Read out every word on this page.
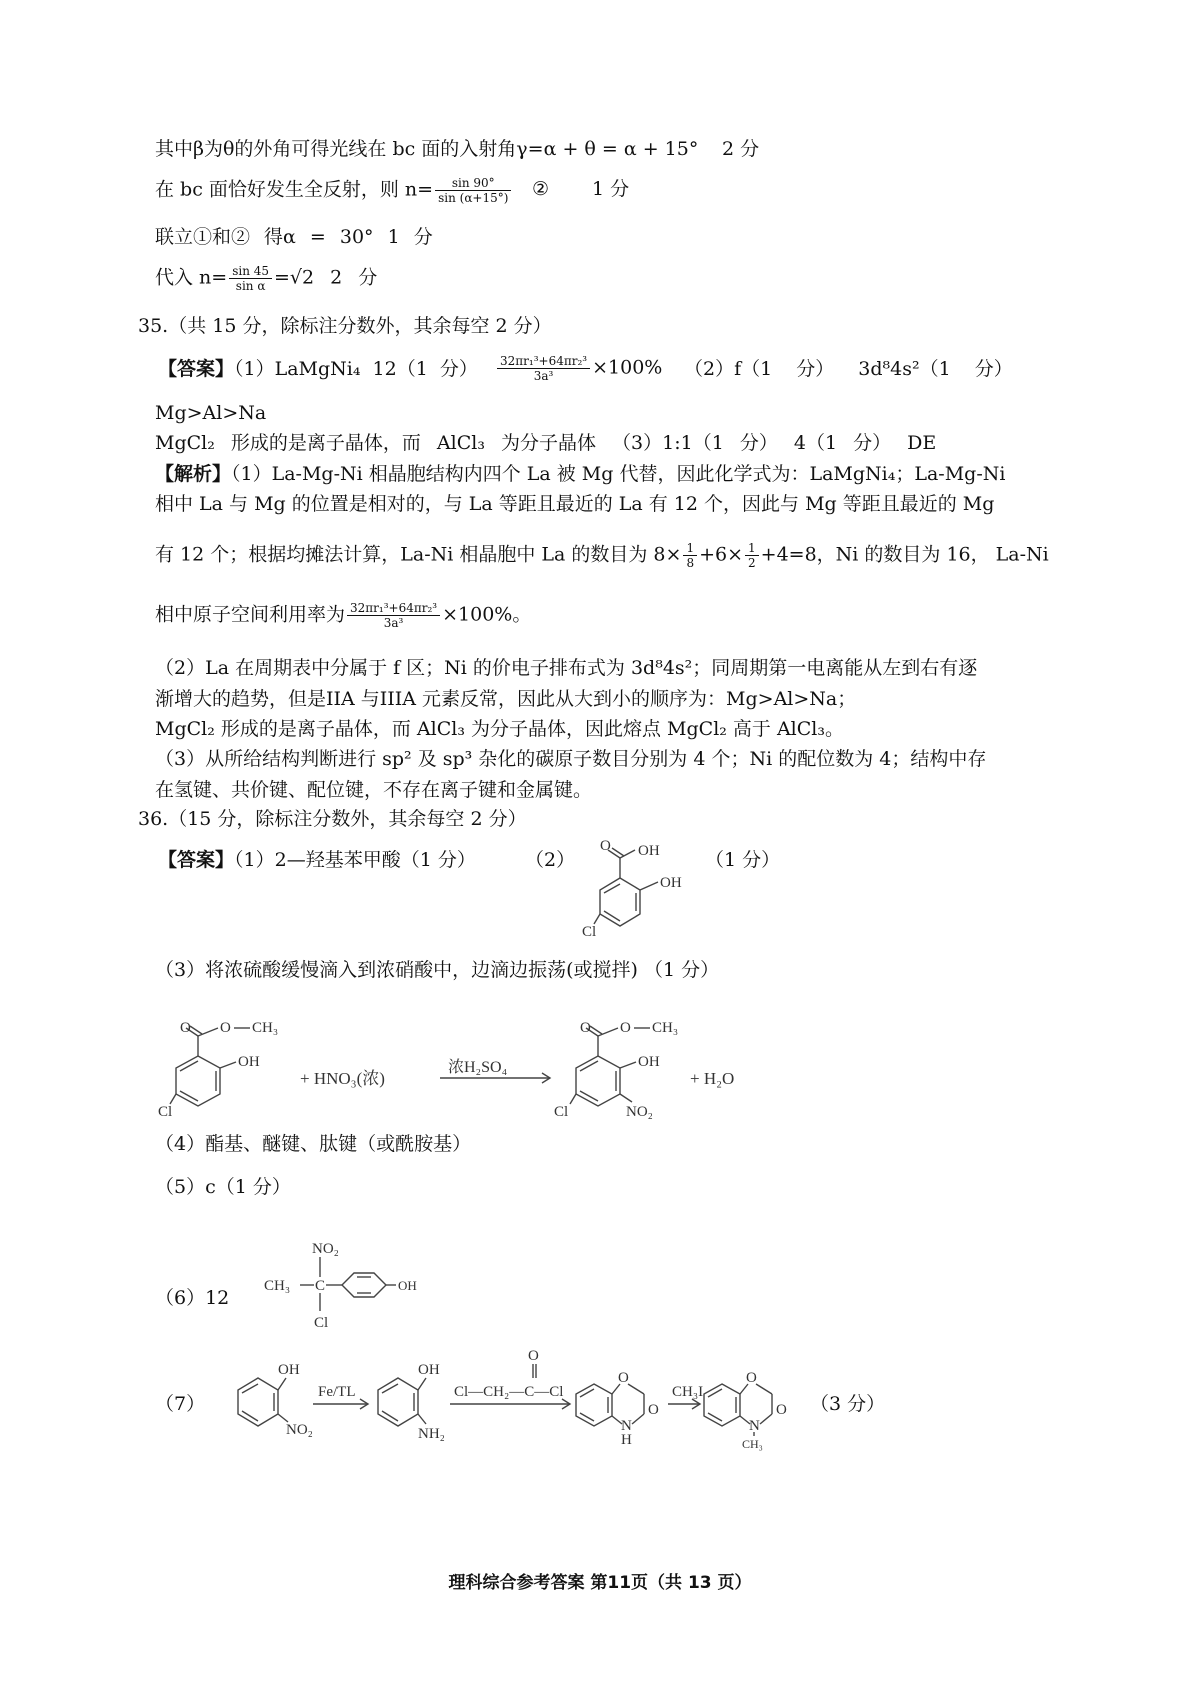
其中β为θ的外角可得光线在 bc 面的入射角γ=α + θ = α + 15° 2 分
在 bc 面恰好发生全反射，则 $n= \frac{\sin 90^\circ}{\sin (\alpha+15^\circ)}$ ② 1 分
联立①和② 得α = 30° 1 分
代入 $n= \frac{\sin 45}{\text{sin α}} =√2$ 2 分
35.（共 15 分，除标注分数外，其余每空 2 分）
【答案】（1）LaMgNi₄ 12（1 分） $\frac{\text{32πr₁³+64πr₂³}}{\text{3a³}} \times 100\%$ （2）f（1 分） 3d⁸4s²（1 分）
Mg>Al>Na
MgCl₂ 形成的是离子晶体，而 AlCl₃ 为分子晶体 （3）1:1（1 分） 4（1 分） DE
【解析】（1）La-Mg-Ni 相晶胞结构内四个 La 被 Mg 代替，因此化学式为：LaMgNi₄；La-Mg-Ni
相中 La 与 Mg 的位置是相对的，与 La 等距且最近的 La 有 12 个，因此与 Mg 等距且最近的 Mg
有 12 个；根据均摊法计算，La-Ni 相晶胞中 La 的数目为 $8\times \frac{1}{8} +6\times \frac{1}{2} +4=8$，Ni 的数目为 16， La-Ni
相中原子空间利用率为 $\frac{\text{32πr₁³+64πr₂³}}{\text{3a³}} \times 100\%$。
（2）La 在周期表中分属于 f 区；Ni 的价电子排布式为 3d⁸4s²；同周期第一电离能从左到右有逐
渐增大的趋势，但是IIA 与IIIA 元素反常，因此从大到小的顺序为：Mg>Al>Na；
MgCl₂ 形成的是离子晶体，而 AlCl₃ 为分子晶体，因此熔点 MgCl₂ 高于 AlCl₃。
（3）从所给结构判断进行 sp² 及 sp³ 杂化的碳原子数目分别为 4 个；Ni 的配位数为 4；结构中存
在氢键、共价键、配位键，不存在离子键和金属键。
36.（15 分，除标注分数外，其余每空 2 分）
【答案】（1）2—羟基苯甲酸（1 分）	（2）	（1 分）
O OH
OH
Cl
（3）将浓硫酸缓慢滴入到浓硝酸中，边滴边振荡(或搅拌) （1 分）
O O CH₃
OH
Cl
+ HNO₃(浓)
浓H₂SO₄
O O CH₃
OH
Cl	NO₂
+ H₂O
（4）酯基、醚键、肽键（或酰胺基）
（5）c（1 分）
（6）12
NO₂
CH₃ C
Cl
OH
（7）
OH
NO₂
Fe/TL
OH
NH₂
O
Cl—CH₂—C—Cl
O
O
N
H
CH₃I
O
O
N
CH₃
（3 分）
理科综合参考答案 第11页（共 13 页）
